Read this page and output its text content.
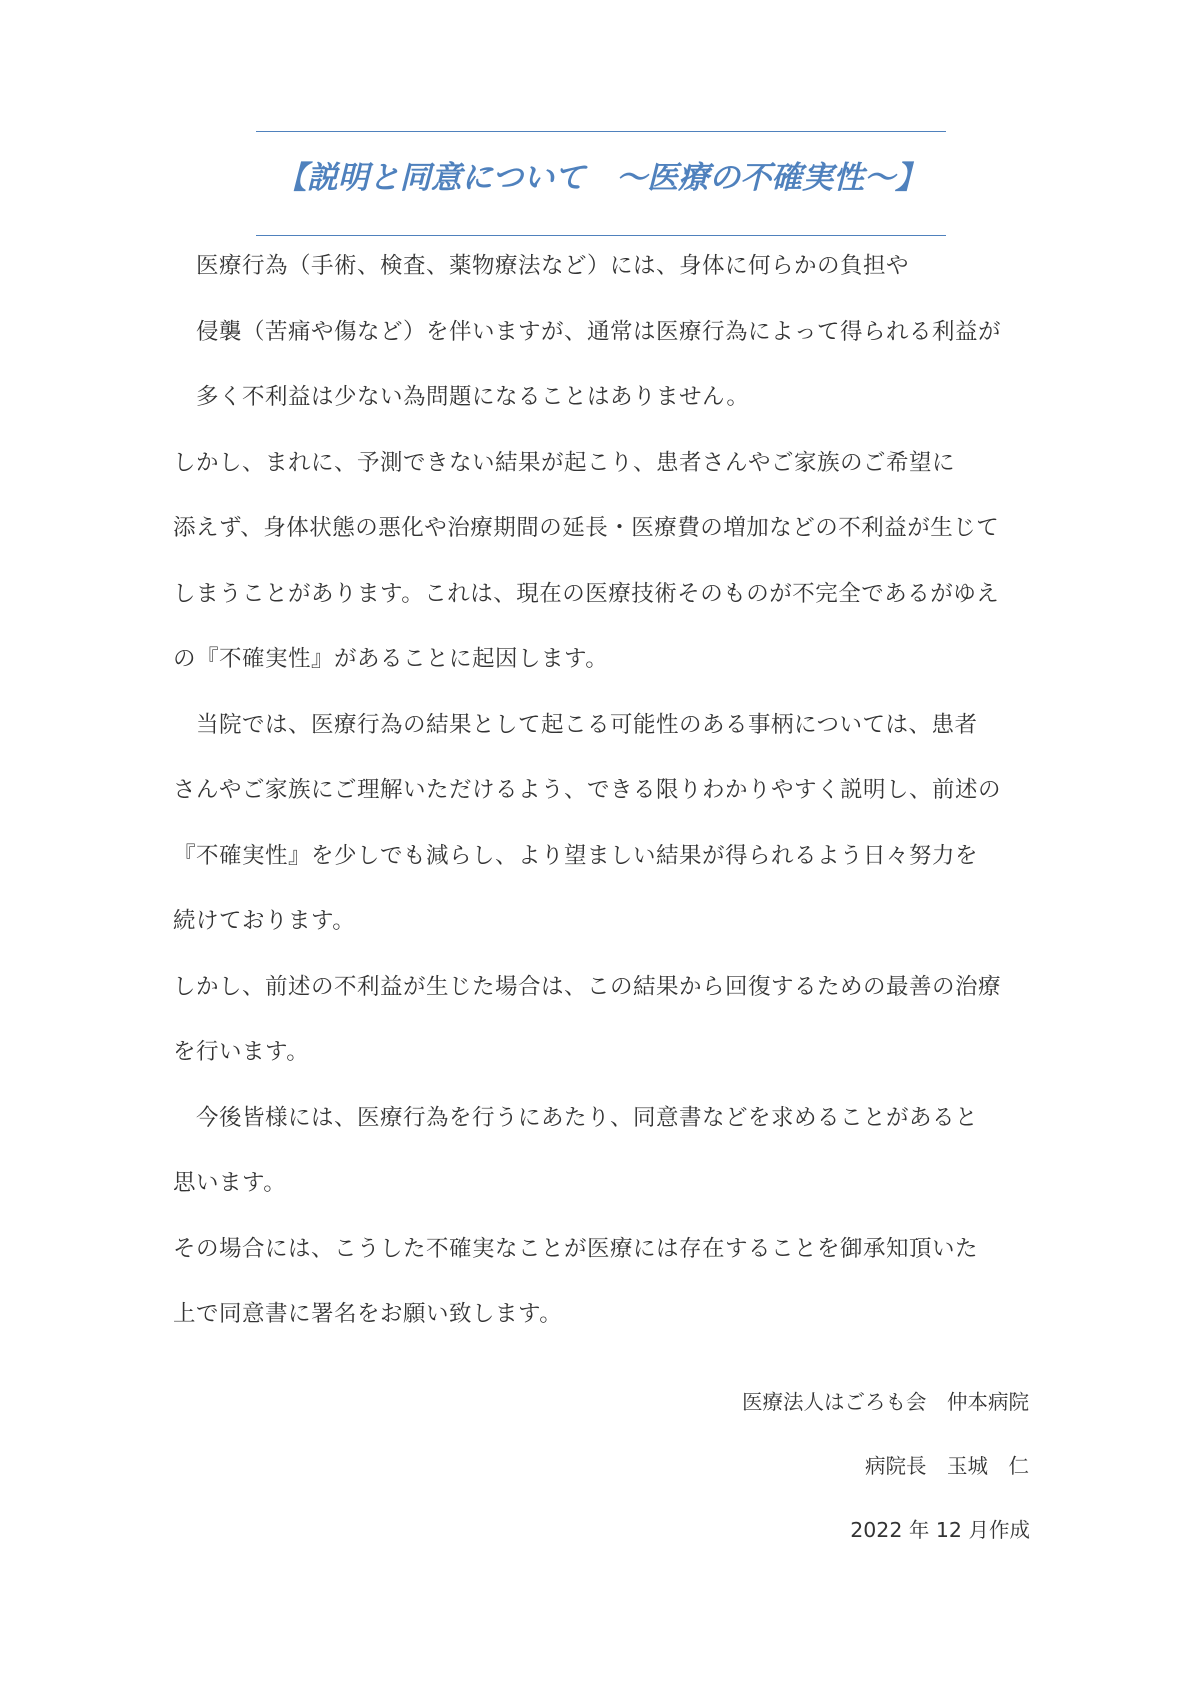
【説明と同意について　～医療の不確実性～】
　医療行為（手術、検査、薬物療法など）には、身体に何らかの負担や
　侵襲（苦痛や傷など）を伴いますが、通常は医療行為によって得られる利益が
　多く不利益は少ない為問題になることはありません。
しかし、まれに、予測できない結果が起こり、患者さんやご家族のご希望に
添えず、身体状態の悪化や治療期間の延長・医療費の増加などの不利益が生じて
しまうことがあります。これは、現在の医療技術そのものが不完全であるがゆえ
の『不確実性』があることに起因します。
　当院では、医療行為の結果として起こる可能性のある事柄については、患者
さんやご家族にご理解いただけるよう、できる限りわかりやすく説明し、前述の
『不確実性』を少しでも減らし、より望ましい結果が得られるよう日々努力を
続けております。
しかし、前述の不利益が生じた場合は、この結果から回復するための最善の治療
を行います。
　今後皆様には、医療行為を行うにあたり、同意書などを求めることがあると
思います。
その場合には、こうした不確実なことが医療には存在することを御承知頂いた
上で同意書に署名をお願い致します。
医療法人はごろも会　仲本病院
病院長　玉城　仁
2022 年 12 月作成
